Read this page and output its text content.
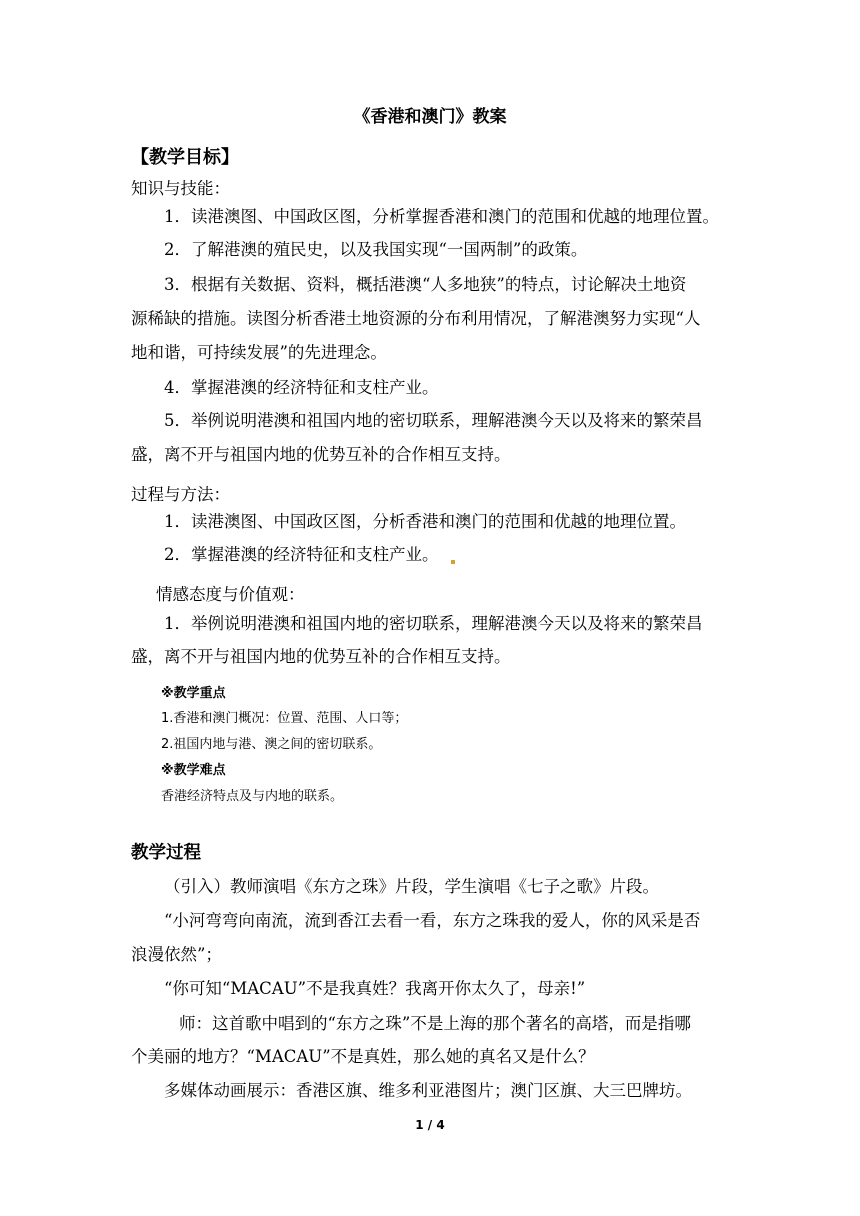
《香港和澳门》教案
【教学目标】
知识与技能：
1．读港澳图、中国政区图，分析掌握香港和澳门的范围和优越的地理位置。
2．了解港澳的殖民史，以及我国实现“一国两制”的政策。
3．根据有关数据、资料，概括港澳“人多地狭”的特点，讨论解决土地资
源稀缺的措施。读图分析香港土地资源的分布利用情况，了解港澳努力实现“人
地和谐，可持续发展”的先进理念。
4．掌握港澳的经济特征和支柱产业。
5．举例说明港澳和祖国内地的密切联系，理解港澳今天以及将来的繁荣昌
盛，离不开与祖国内地的优势互补的合作相互支持。
过程与方法：
1．读港澳图、中国政区图，分析香港和澳门的范围和优越的地理位置。
2．掌握港澳的经济特征和支柱产业。
情感态度与价值观：
1．举例说明港澳和祖国内地的密切联系，理解港澳今天以及将来的繁荣昌
盛，离不开与祖国内地的优势互补的合作相互支持。
※教学重点
1.香港和澳门概况：位置、范围、人口等；
2.祖国内地与港、澳之间的密切联系。
※教学难点
香港经济特点及与内地的联系。
教学过程
（引入）教师演唱《东方之珠》片段，学生演唱《七子之歌》片段。
“小河弯弯向南流，流到香江去看一看，东方之珠我的爱人，你的风采是否
浪漫依然”；
“你可知“MACAU”不是我真姓？我离开你太久了，母亲!”
师：这首歌中唱到的“东方之珠”不是上海的那个著名的高塔，而是指哪
个美丽的地方？“MACAU”不是真姓，那么她的真名又是什么？
多媒体动画展示：香港区旗、维多利亚港图片；澳门区旗、大三巴牌坊。
1 / 4
